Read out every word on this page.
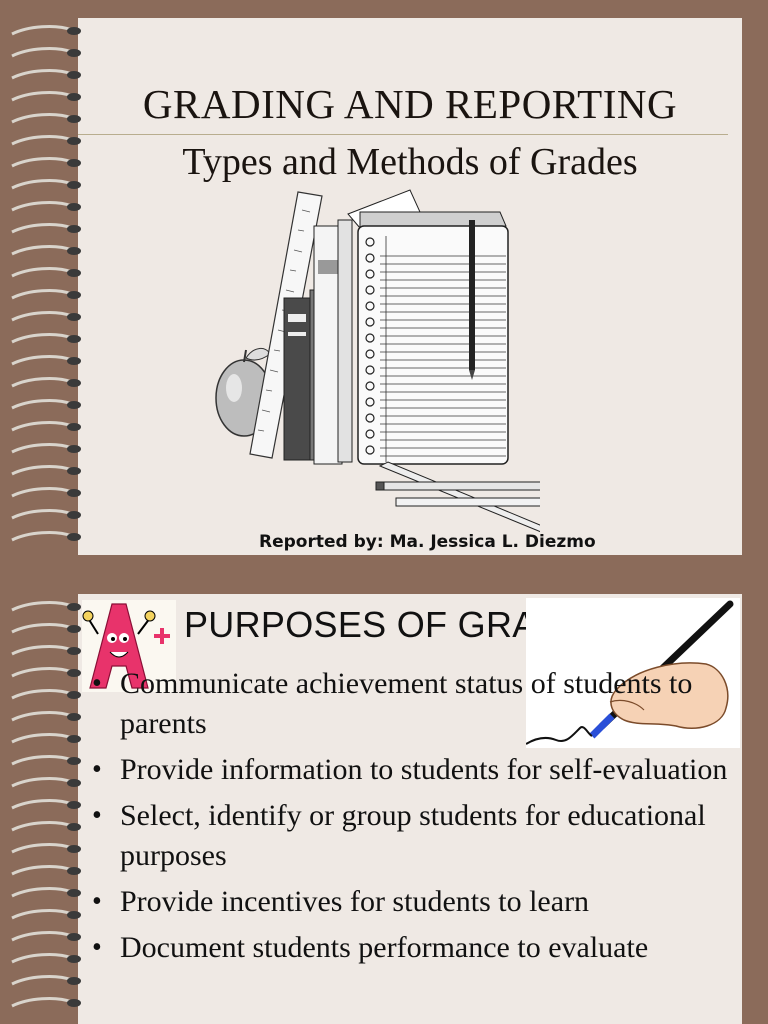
GRADING AND REPORTING
Types and Methods of Grades
Reported by: Ma. Jessica L. Diezmo
PURPOSES OF GRADING
• Communicate achievement status of students to parents
• Provide information to students for self-evaluation
• Select, identify or group students for educational purposes
• Provide incentives for students to learn
• Document students performance to evaluate
